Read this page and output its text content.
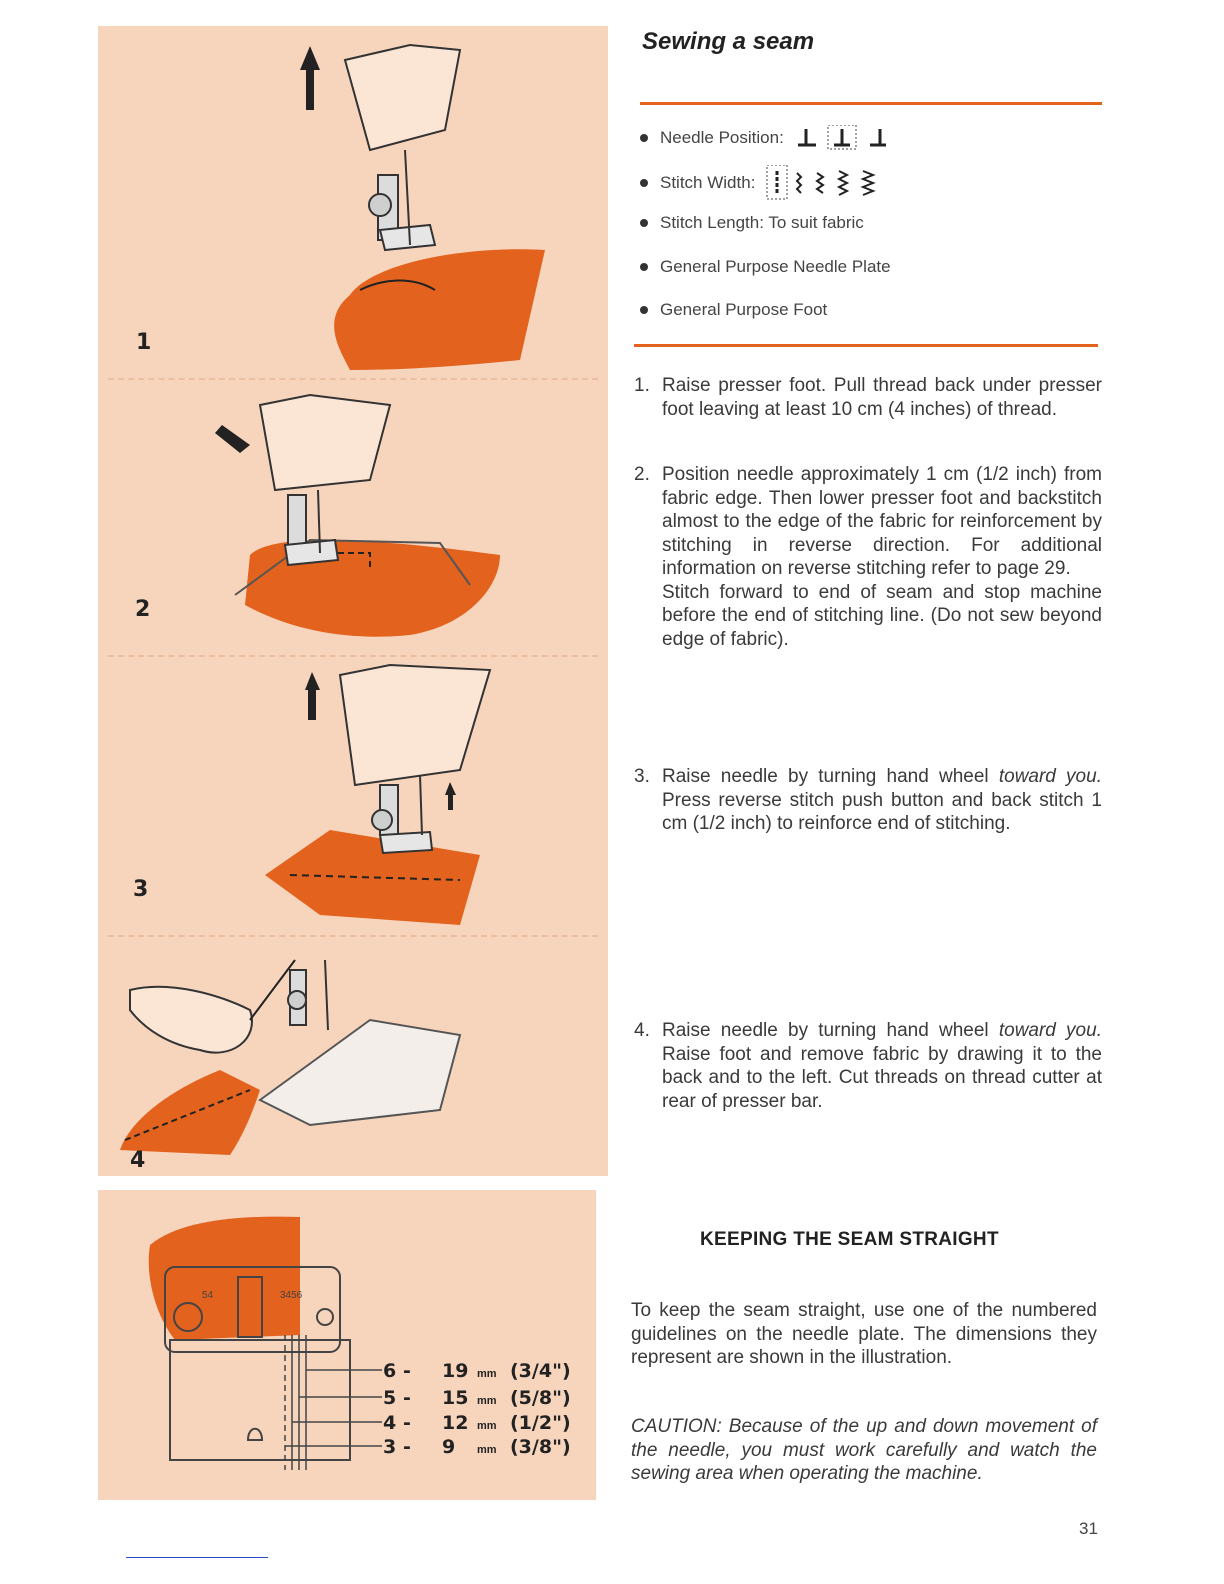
1
2
3
4
54	3456
6 - 19 mm (3/4")
5 - 15 mm (5/8")
4 - 12 mm (1/2")
3 - 9 mm (3/8")
Sewing a seam
Needle Position:
Stitch Width:
Stitch Length: To suit fabric
General Purpose Needle Plate
General Purpose Foot
1. Raise presser foot. Pull thread back under presser foot leaving at least 10 cm (4 inches) of thread.
2. Position needle approximately 1 cm (1/2 inch) from fabric edge. Then lower presser foot and backstitch almost to the edge of the fabric for reinforcement by stitching in reverse direction. For additional information on reverse stitching refer to page 29.
Stitch forward to end of seam and stop machine before the end of stitching line. (Do not sew beyond edge of fabric).
3. Raise needle by turning hand wheel toward you. Press reverse stitch push button and back stitch 1 cm (1/2 inch) to reinforce end of stitching.
4. Raise needle by turning hand wheel toward you. Raise foot and remove fabric by drawing it to the back and to the left. Cut threads on thread cutter at rear of presser bar.
KEEPING THE SEAM STRAIGHT
To keep the seam straight, use one of the numbered guidelines on the needle plate. The dimensions they represent are shown in the illustration.
CAUTION: Because of the up and down movement of the needle, you must work carefully and watch the sewing area when operating the machine.
31
